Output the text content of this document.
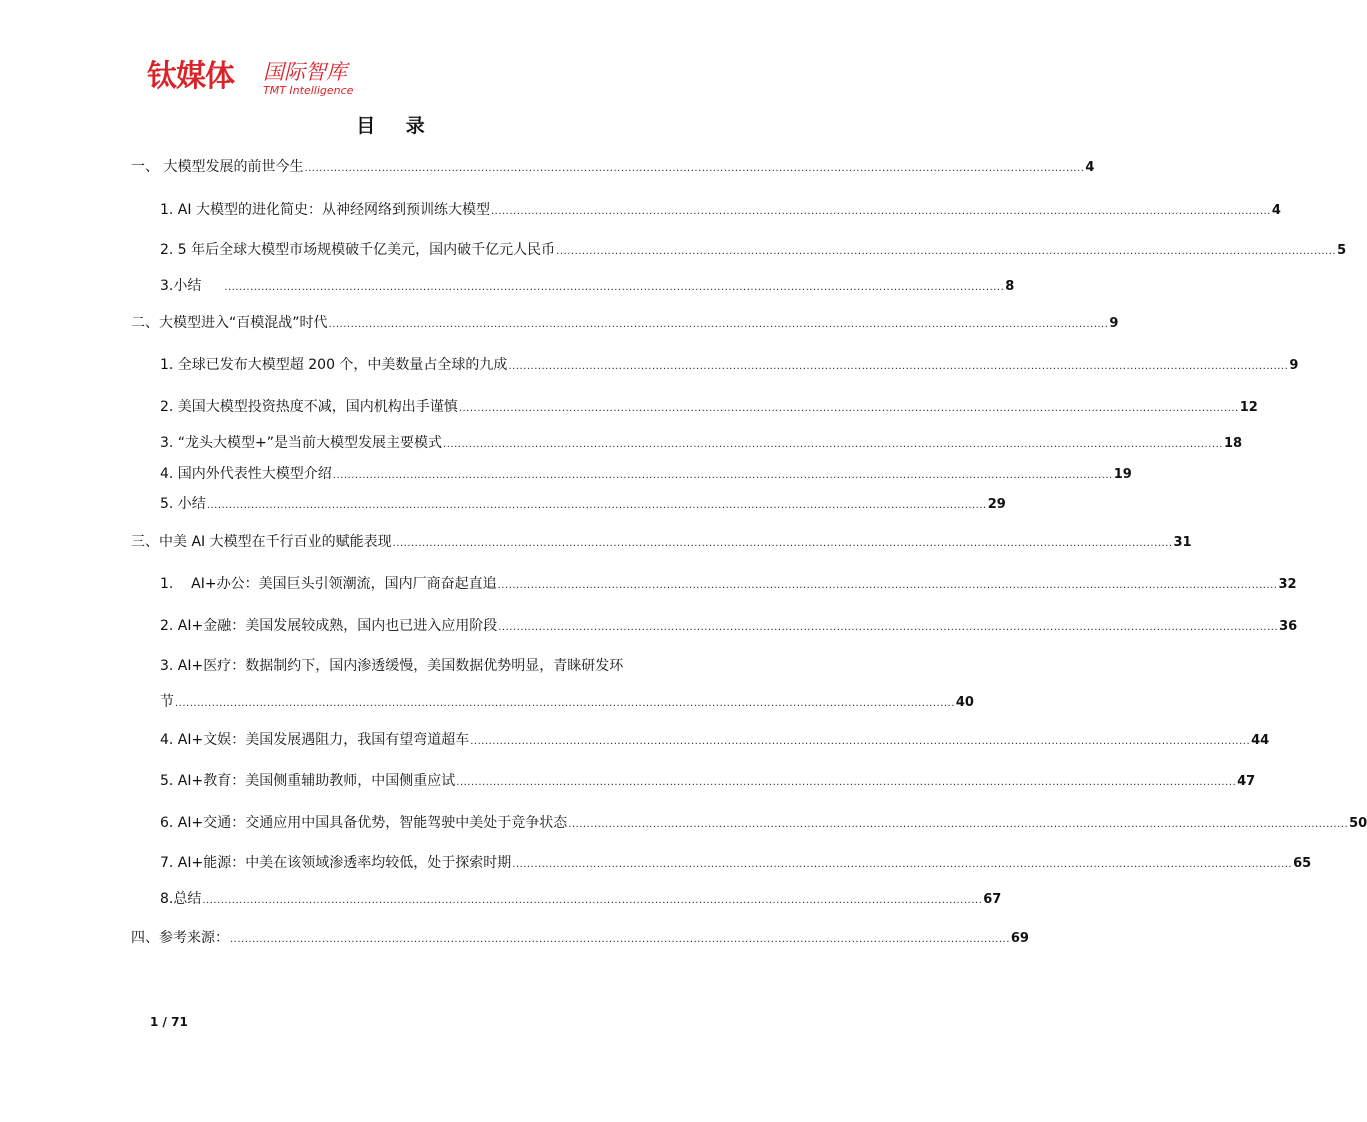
钛媒体 国际智库
TMT Intelligence
目 录
一、 大模型发展的前世今生 .................................................................................................................................................................................................................... 4
1. AI 大模型的进化简史：从神经网络到预训练大模型 .................................................................................................................................................................................................................... 4
2. 5 年后全球大模型市场规模破千亿美元，国内破千亿元人民币 .................................................................................................................................................................................................................... 5
3.小结 .................................................................................................................................................................................................................... 8
二、大模型进入“百模混战”时代 .................................................................................................................................................................................................................... 9
1. 全球已发布大模型超 200 个，中美数量占全球的九成 .................................................................................................................................................................................................................... 9
2. 美国大模型投资热度不减，国内机构出手谨慎 .................................................................................................................................................................................................................... 12
3. “龙头大模型+”是当前大模型发展主要模式 .................................................................................................................................................................................................................... 18
4. 国内外代表性大模型介绍 .................................................................................................................................................................................................................... 19
5. 小结 .................................................................................................................................................................................................................... 29
三、中美 AI 大模型在千行百业的赋能表现 .................................................................................................................................................................................................................... 31
1.    AI+办公：美国巨头引领潮流，国内厂商奋起直追 .................................................................................................................................................................................................................... 32
2. AI+金融：美国发展较成熟，国内也已进入应用阶段 .................................................................................................................................................................................................................... 36
3. AI+医疗：数据制约下，国内渗透缓慢，美国数据优势明显，青睐研发环
节 .................................................................................................................................................................................................................... 40
4. AI+文娱：美国发展遇阻力，我国有望弯道超车 .................................................................................................................................................................................................................... 44
5. AI+教育：美国侧重辅助教师，中国侧重应试 .................................................................................................................................................................................................................... 47
6. AI+交通：交通应用中国具备优势，智能驾驶中美处于竞争状态 .................................................................................................................................................................................................................... 50
7. AI+能源：中美在该领域渗透率均较低，处于探索时期 .................................................................................................................................................................................................................... 65
8.总结 .................................................................................................................................................................................................................... 67
四、参考来源： .................................................................................................................................................................................................................... 69
1 / 71
